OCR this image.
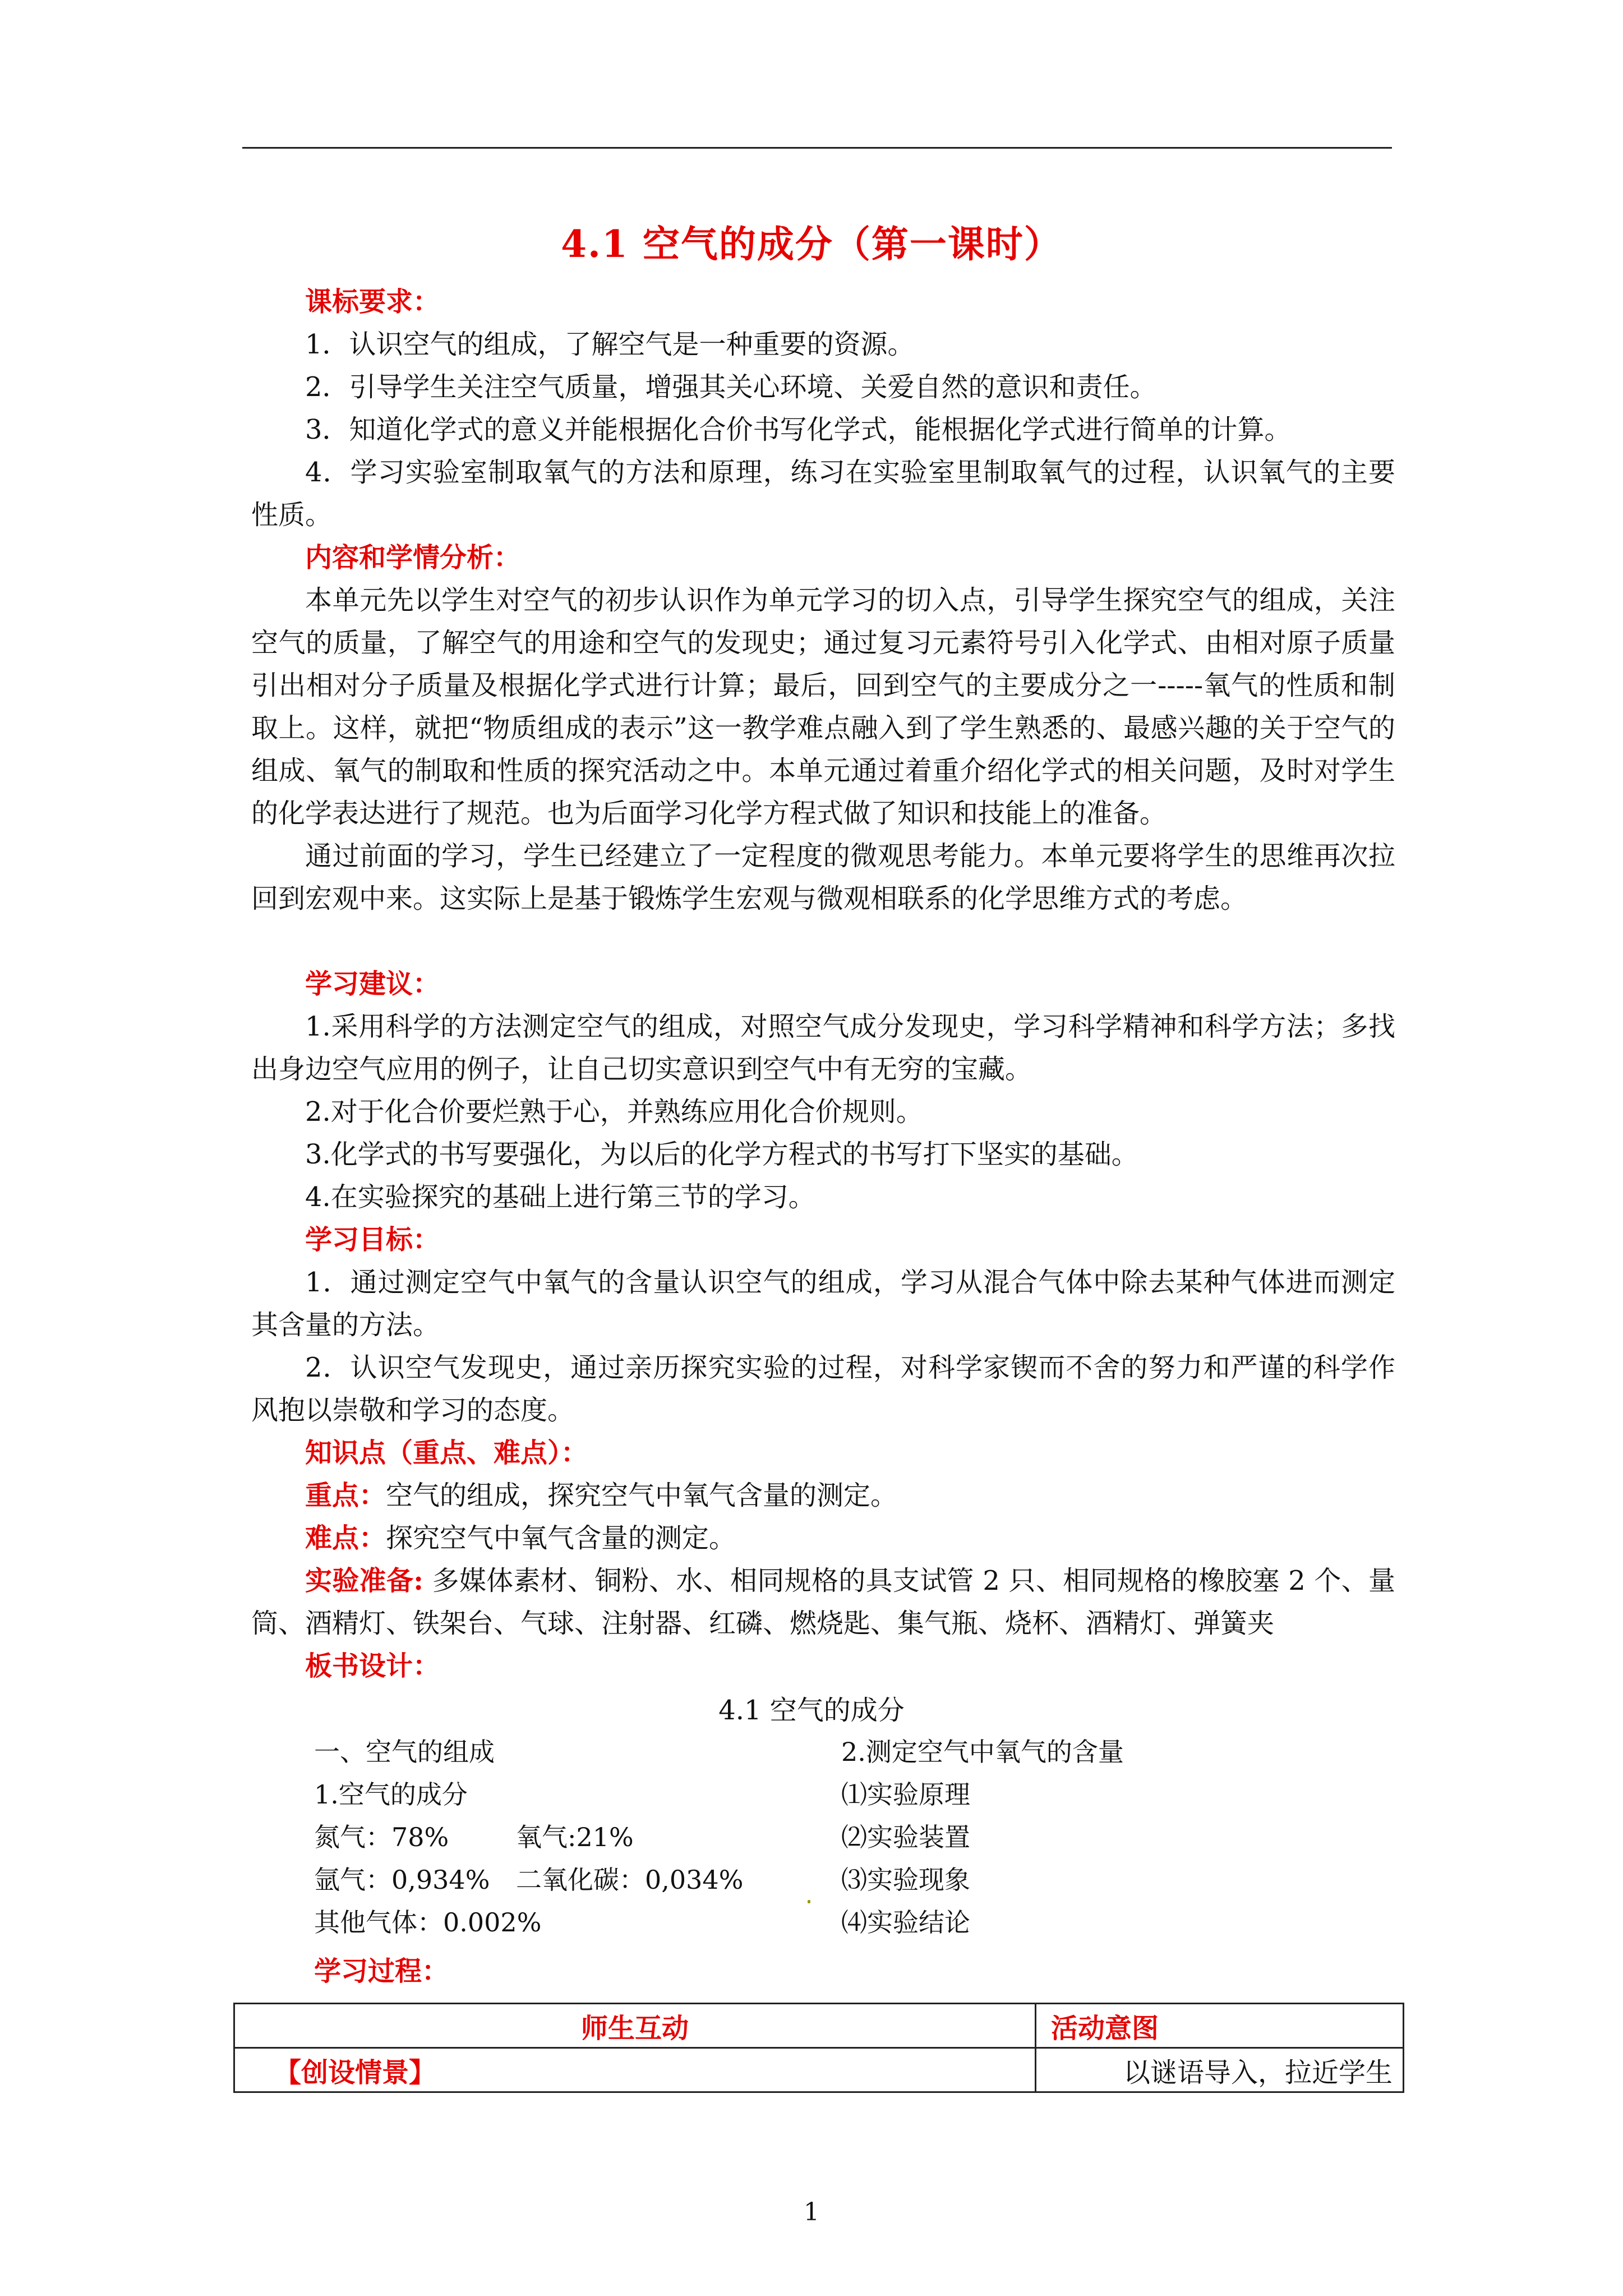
4.1 空气的成分（第一课时）
课标要求：
1．认识空气的组成，了解空气是一种重要的资源。
2．引导学生关注空气质量，增强其关心环境、关爱自然的意识和责任。
3．知道化学式的意义并能根据化合价书写化学式，能根据化学式进行简单的计算。
4．学习实验室制取氧气的方法和原理，练习在实验室里制取氧气的过程，认识氧气的主要性质。
内容和学情分析：
本单元先以学生对空气的初步认识作为单元学习的切入点，引导学生探究空气的组成，关注空气的质量，了解空气的用途和空气的发现史；通过复习元素符号引入化学式、由相对原子质量引出相对分子质量及根据化学式进行计算；最后，回到空气的主要成分之一-----氧气的性质和制取上。这样，就把“物质组成的表示”这一教学难点融入到了学生熟悉的、最感兴趣的关于空气的组成、氧气的制取和性质的探究活动之中。本单元通过着重介绍化学式的相关问题，及时对学生的化学表达进行了规范。也为后面学习化学方程式做了知识和技能上的准备。
通过前面的学习，学生已经建立了一定程度的微观思考能力。本单元要将学生的思维再次拉回到宏观中来。这实际上是基于锻炼学生宏观与微观相联系的化学思维方式的考虑。
学习建议：
1.采用科学的方法测定空气的组成，对照空气成分发现史，学习科学精神和科学方法；多找出身边空气应用的例子，让自己切实意识到空气中有无穷的宝藏。
2.对于化合价要烂熟于心，并熟练应用化合价规则。
3.化学式的书写要强化，为以后的化学方程式的书写打下坚实的基础。
4.在实验探究的基础上进行第三节的学习。
学习目标：
1．通过测定空气中氧气的含量认识空气的组成，学习从混合气体中除去某种气体进而测定其含量的方法。
2．认识空气发现史，通过亲历探究实验的过程，对科学家锲而不舍的努力和严谨的科学作风抱以崇敬和学习的态度。
知识点（重点、难点）：
重点：空气的组成，探究空气中氧气含量的测定。
难点：探究空气中氧气含量的测定。
实验准备: 多媒体素材、铜粉、水、相同规格的具支试管 2 只、相同规格的橡胶塞 2 个、量筒、酒精灯、铁架台、气球、注射器、红磷、燃烧匙、集气瓶、烧杯、酒精灯、弹簧夹
板书设计：
4.1 空气的成分
一、空气的组成
1.空气的成分
氮气：78%	氧气:21%
氩气：0,934% 二氧化碳：0,034%
其他气体：0.002%
2.测定空气中氧气的含量
⑴实验原理
⑵实验装置
⑶实验现象
⑷实验结论
学习过程：
师生互动	活动意图
【创设情景】	以谜语导入，拉近学生
1
